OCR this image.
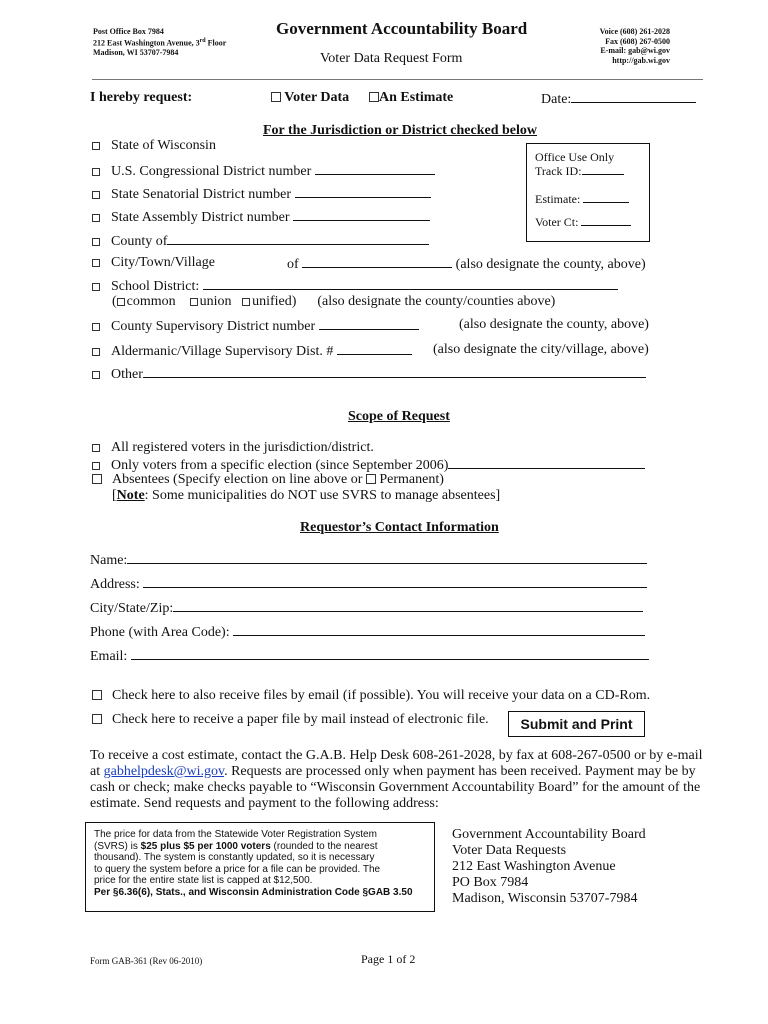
Post Office Box 7984
212 East Washington Avenue, 3rd Floor
Madison, WI 53707-7984
Government Accountability Board
Voter Data Request Form
Voice (608) 261-2028
Fax (608) 267-0500
E-mail: gab@wi.gov
http://gab.wi.gov
I hereby request:	Voter Data	An Estimate	Date:
For the Jurisdiction or District checked below
State of Wisconsin
U.S. Congressional District number
State Senatorial District number
State Assembly District number
County of
City/Town/Village	of	(also designate the county, above)
School District:
( common union unified)      (also designate the county/counties above)
County Supervisory District number	(also designate the county, above)
Aldermanic/Village Supervisory Dist. #	(also designate the city/village, above)
Other
Office Use Only
Track ID:
Estimate:
Voter Ct:
Scope of Request
All registered voters in the jurisdiction/district.
Only voters from a specific election (since September 2006)
Absentees (Specify election on line above or Permanent)
[Note: Some municipalities do NOT use SVRS to manage absentees]
Requestor’s Contact Information
Name:
Address:
City/State/Zip:
Phone (with Area Code):
Email:
Check here to also receive files by email (if possible). You will receive your data on a CD-Rom.
Check here to receive a paper file by mail instead of electronic file.	Submit and Print
To receive a cost estimate, contact the G.A.B. Help Desk 608-261-2028, by fax at 608-267-0500 or by e-mail
at gabhelpdesk@wi.gov. Requests are processed only when payment has been received. Payment may be by
cash or check; make checks payable to “Wisconsin Government Accountability Board” for the amount of the
estimate. Send requests and payment to the following address:
The price for data from the Statewide Voter Registration System
(SVRS) is $25 plus $5 per 1000 voters (rounded to the nearest
thousand). The system is constantly updated, so it is necessary
to query the system before a price for a file can be provided. The
price for the entire state list is capped at $12,500.
Per §6.36(6), Stats., and Wisconsin Administration Code §GAB 3.50
Government Accountability Board
Voter Data Requests
212 East Washington Avenue
PO Box 7984
Madison, Wisconsin 53707-7984
Form GAB-361 (Rev 06-2010)	Page 1 of 2
